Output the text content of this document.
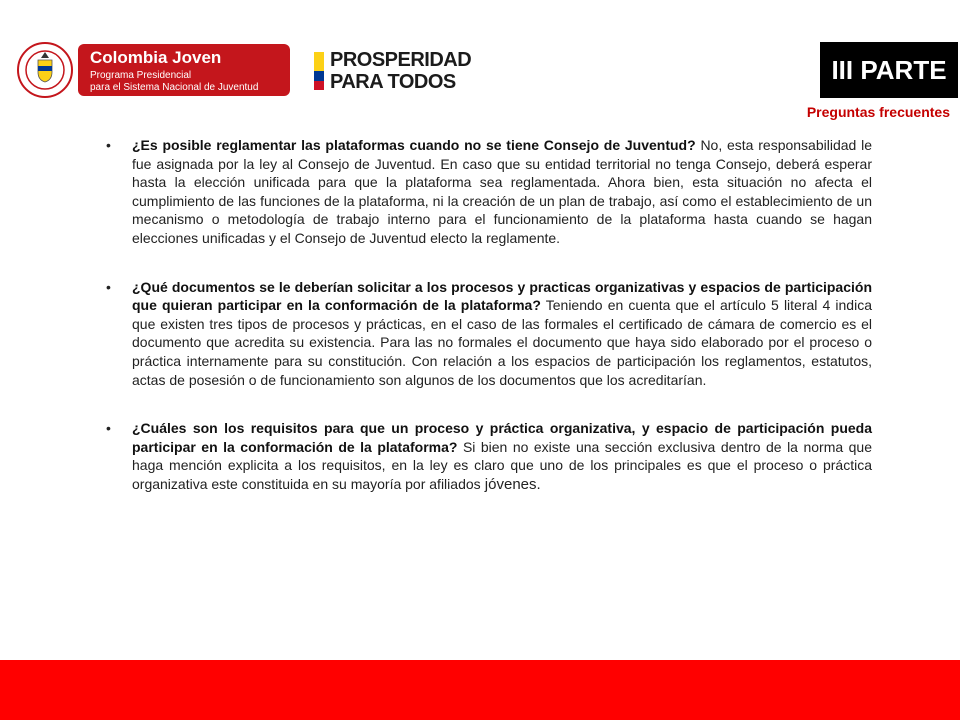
Colombia Joven
Programa Presidencial
para el Sistema Nacional de Juventud
PROSPERIDAD
PARA TODOS	III PARTE
Preguntas frecuentes

• ¿Es posible reglamentar las plataformas cuando no se tiene Consejo de Juventud? No, esta responsabilidad le fue asignada por la ley al Consejo de Juventud. En caso que su entidad territorial no tenga Consejo, deberá esperar hasta la elección unificada para que la plataforma sea reglamentada. Ahora bien, esta situación no afecta el cumplimiento de las funciones de la plataforma, ni la creación de un plan de trabajo, así como el establecimiento de un mecanismo o metodología de trabajo interno para el funcionamiento de la plataforma hasta cuando se hagan elecciones unificadas y el Consejo de Juventud electo la reglamente.

• ¿Qué documentos se le deberían solicitar a los procesos y practicas organizativas y espacios de participación que quieran participar en la conformación de la plataforma? Teniendo en cuenta que el artículo 5 literal 4 indica que existen tres tipos de procesos y prácticas, en el caso de las formales el certificado de cámara de comercio es el documento que acredita su existencia. Para las no formales el documento que haya sido elaborado por el proceso o práctica internamente para su constitución. Con relación a los espacios de participación los reglamentos, estatutos, actas de posesión o de funcionamiento son algunos de los documentos que los acreditarían.

• ¿Cuáles son los requisitos para que un proceso y práctica organizativa, y espacio de participación pueda participar en la conformación de la plataforma? Si bien no existe una sección exclusiva dentro de la norma que haga mención explicita a los requisitos, en la ley es claro que uno de los principales es que el proceso o práctica organizativa este constituida en su mayoría por afiliados jóvenes.
